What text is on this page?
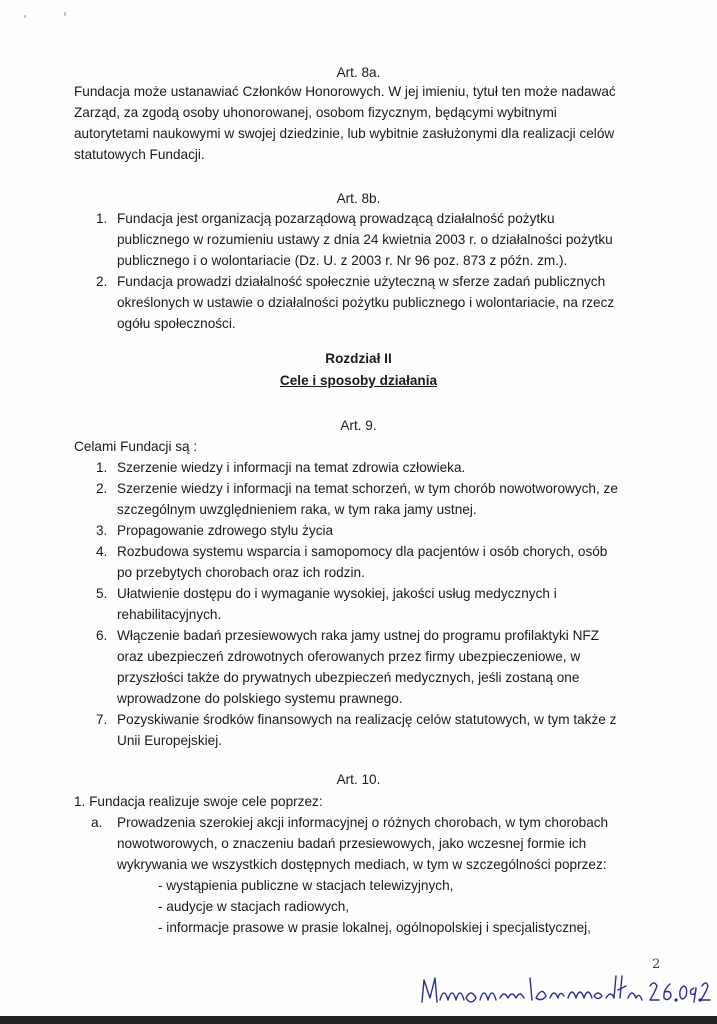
Art. 8a.
Fundacja może ustanawiać Członków Honorowych. W jej imieniu, tytuł ten może nadawać
Zarząd, za zgodą osoby uhonorowanej, osobom fizycznym, będącymi wybitnymi
autorytetami naukowymi w swojej dziedzinie, lub wybitnie zasłużonymi dla realizacji celów
statutowych Fundacji.
Art. 8b.
1. Fundacja jest organizacją pozarządową prowadzącą działalność pożytku
publicznego w rozumieniu ustawy z dnia 24 kwietnia 2003 r. o działalności pożytku
publicznego i o wolontariacie (Dz. U. z 2003 r. Nr 96 poz. 873 z późn. zm.).
2. Fundacja prowadzi działalność społecznie użyteczną w sferze zadań publicznych
określonych w ustawie o działalności pożytku publicznego i wolontariacie, na rzecz
ogółu społeczności.
Rozdział II
Cele i sposoby działania
Art. 9.
Celami Fundacji są :
1. Szerzenie wiedzy i informacji na temat zdrowia człowieka.
2. Szerzenie wiedzy i informacji na temat schorzeń, w tym chorób nowotworowych, ze
szczególnym uwzględnieniem raka, w tym raka jamy ustnej.
3. Propagowanie zdrowego stylu życia
4. Rozbudowa systemu wsparcia i samopomocy dla pacjentów i osób chorych, osób
po przebytych chorobach oraz ich rodzin.
5. Ułatwienie dostępu do i wymaganie wysokiej, jakości usług medycznych i
rehabilitacyjnych.
6. Włączenie badań przesiewowych raka jamy ustnej do programu profilaktyki NFZ
oraz ubezpieczeń zdrowotnych oferowanych przez firmy ubezpieczeniowe, w
przyszłości także do prywatnych ubezpieczeń medycznych, jeśli zostaną one
wprowadzone do polskiego systemu prawnego.
7. Pozyskiwanie środków finansowych na realizację celów statutowych, w tym także z
Unii Europejskiej.
Art. 10.
1. Fundacja realizuje swoje cele poprzez:
a. Prowadzenia szerokiej akcji informacyjnej o różnych chorobach, w tym chorobach
nowotworowych, o znaczeniu badań przesiewowych, jako wczesnej formie ich
wykrywania we wszystkich dostępnych mediach, w tym w szczególności poprzez:
- wystąpienia publiczne w stacjach telewizyjnych,
- audycje w stacjach radiowych,
- informacje prasowe w prasie lokalnej, ogólnopolskiej i specjalistycznej,
2
